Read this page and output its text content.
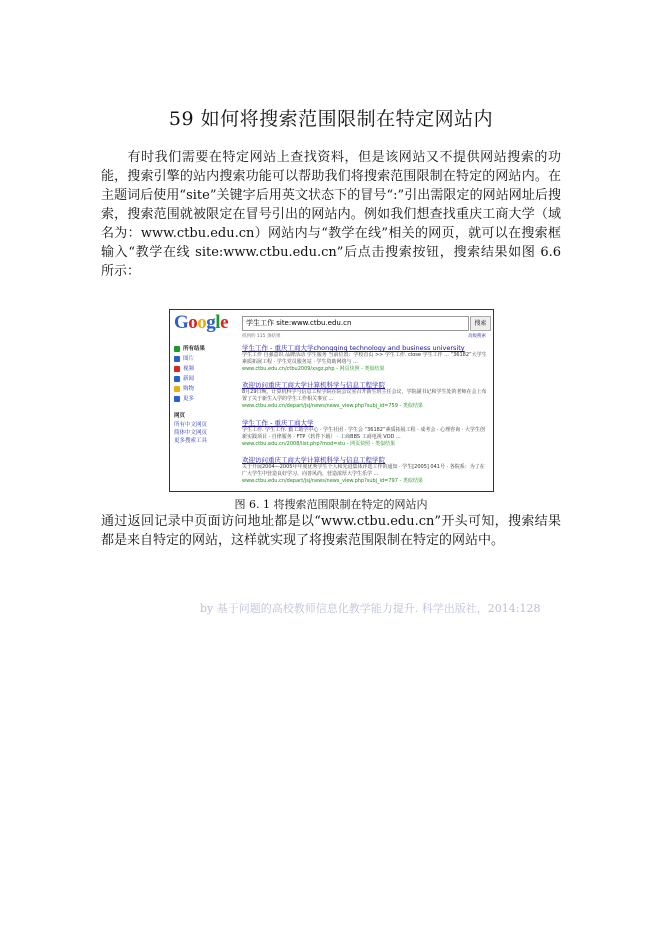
59 如何将搜索范围限制在特定网站内
有时我们需要在特定网站上查找资料，但是该网站又不提供网站搜索的功能，搜索引擎的站内搜索功能可以帮助我们将搜索范围限制在特定的网站内。在主题词后使用“site”关键字后用英文状态下的冒号“:”引出需限定的网站网址后搜索，搜索范围就被限定在冒号引出的网站内。例如我们想查找重庆工商大学（域名为：www.ctbu.edu.cn）网站内与“教学在线”相关的网页，就可以在搜索框输入“教学在线 site:www.ctbu.edu.cn”后点击搜索按钮，搜索结果如图 6.6 所示：
Google	学生工作 site:www.ctbu.edu.cn	搜索
找到约 115 条结果	高级搜索
所有结果
图片
视频
新闻
购物
更多
网页
所有中文网页
简体中文网页
更多搜索工具
学生工作 - 重庆工商大学chongqing technology and business university
学生工作 自强意识 品牌活动 学生服务 当前位置：学校首页 >> 学生工作. close 学生工作 ... “36182”大学生素质拓展工程 · 学生党员服务站 · 学生资助网络与 ...
www.ctbu.edu.cn/ctbu2009/xsgz.php - 网页快照 - 类似结果
欢迎访问重庆工商大学计算机科学与信息工程学院
8月29日晚，计算机科学与信息工程学院在院会议室召开新生班主任会议，学院副书记和学生处的老师在会上布置了关于新生入学的学生工作相关事宜 ...
www.ctbu.edu.cn/depart/jsj/news/news_view.php?subj_id=759 - 类似结果
学生工作 - 重庆工商大学
学生工作. 学生工作. 勤工助学中心 · 学生社团 · 学生会 “36182”素质拓展工程 · 成考会 · 心理咨询 · 大学生创新实践项目 · 自律服务 · FTP（软件下载） · 工商BBS 工商电视 VOD ...
www.ctbu.edu.cn/2008/list.php?mod=stu - 网页快照 - 类似结果
欢迎访问重庆工商大学计算机科学与信息工程学院
关于开展2004—2005年年度优秀学生个人和先进集体评选工作的通知 · 学生[2005] 041号 · 各院系：为了在广大学生中营造良好学习、向善风尚，营造浓厚大学生乐学 ...
www.ctbu.edu.cn/depart/jsj/news/news_view.php?subj_id=797 - 类似结果
图 6. 1 将搜索范围限制在特定的网站内
通过返回记录中页面访问地址都是以“www.ctbu.edu.cn”开头可知，搜索结果都是来自特定的网站，这样就实现了将搜索范围限制在特定的网站中。
by 基于问题的高校教师信息化教学能力提升. 科学出版社，2014:128
